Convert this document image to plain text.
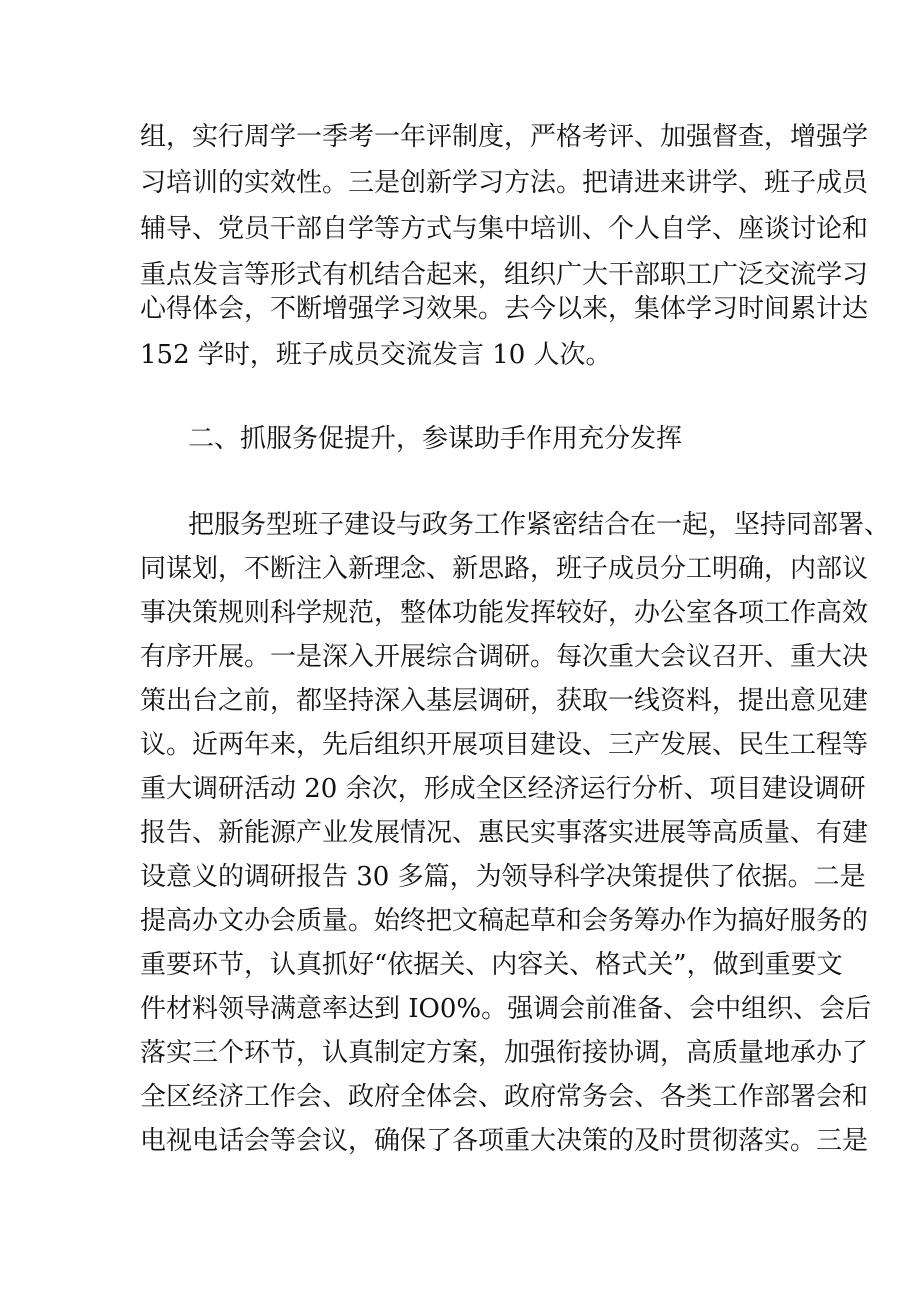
组，实行周学一季考一年评制度，严格考评、加强督查，增强学
习培训的实效性。三是创新学习方法。把请进来讲学、班子成员
辅导、党员干部自学等方式与集中培训、个人自学、座谈讨论和
重点发言等形式有机结合起来，组织广大干部职工广泛交流学习
心得体会，不断增强学习效果。去今以来，集体学习时间累计达
152 学时，班子成员交流发言 10 人次。
二、抓服务促提升，参谋助手作用充分发挥
把服务型班子建设与政务工作紧密结合在一起，坚持同部署、
同谋划，不断注入新理念、新思路，班子成员分工明确，内部议
事决策规则科学规范，整体功能发挥较好，办公室各项工作高效
有序开展。一是深入开展综合调研。每次重大会议召开、重大决
策出台之前，都坚持深入基层调研，获取一线资料，提出意见建
议。近两年来，先后组织开展项目建设、三产发展、民生工程等
重大调研活动 20 余次，形成全区经济运行分析、项目建设调研
报告、新能源产业发展情况、惠民实事落实进展等高质量、有建
设意义的调研报告 30 多篇，为领导科学决策提供了依据。二是
提高办文办会质量。始终把文稿起草和会务筹办作为搞好服务的
重要环节，认真抓好“依据关、内容关、格式关”，做到重要文
件材料领导满意率达到 IO0%。强调会前准备、会中组织、会后
落实三个环节，认真制定方案，加强衔接协调，高质量地承办了
全区经济工作会、政府全体会、政府常务会、各类工作部署会和
电视电话会等会议，确保了各项重大决策的及时贯彻落实。三是
